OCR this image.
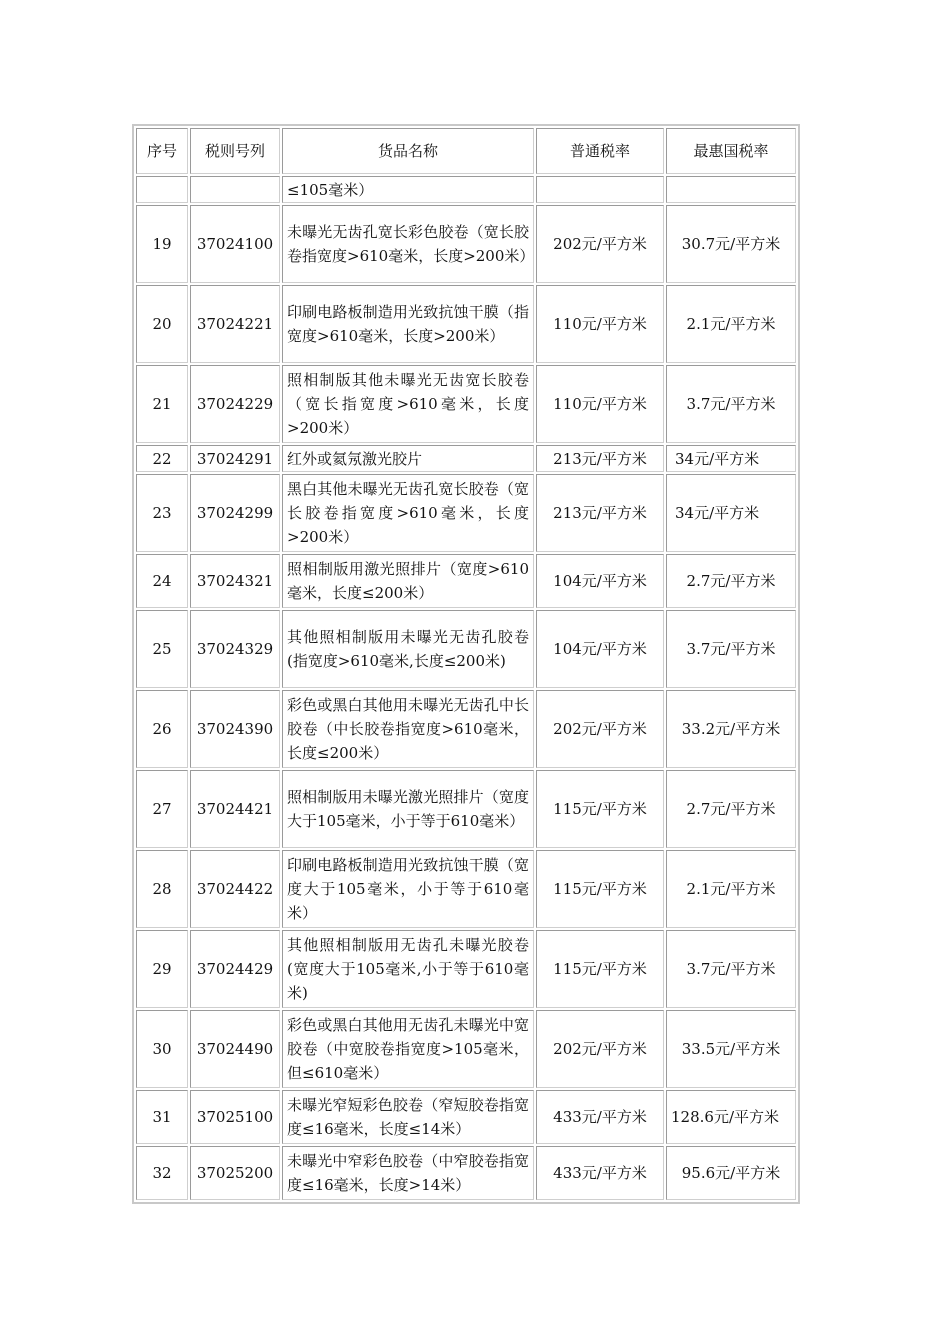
序号	税则号列	货品名称	普通税率	最惠国税率
		≤105毫米）		
19	37024100	未曝光无齿孔宽长彩色胶卷（宽长胶卷指宽度>610毫米，长度>200米）	202元/平方米	30.7元/平方米
20	37024221	印刷电路板制造用光致抗蚀干膜（指宽度>610毫米，长度>200米）	110元/平方米	2.1元/平方米
21	37024229	照相制版其他未曝光无齿宽长胶卷（宽长指宽度>610毫米，长度>200米）	110元/平方米	3.7元/平方米
22	37024291	红外或氦氖激光胶片	213元/平方米	34元/平方米
23	37024299	黑白其他未曝光无齿孔宽长胶卷（宽长胶卷指宽度>610毫米，长度>200米）	213元/平方米	34元/平方米
24	37024321	照相制版用激光照排片（宽度>610毫米，长度≤200米）	104元/平方米	2.7元/平方米
25	37024329	其他照相制版用未曝光无齿孔胶卷(指宽度>610毫米,长度≤200米)	104元/平方米	3.7元/平方米
26	37024390	彩色或黑白其他用未曝光无齿孔中长胶卷（中长胶卷指宽度>610毫米，长度≤200米）	202元/平方米	33.2元/平方米
27	37024421	照相制版用未曝光激光照排片（宽度大于105毫米，小于等于610毫米）	115元/平方米	2.7元/平方米
28	37024422	印刷电路板制造用光致抗蚀干膜（宽度大于105毫米，小于等于610毫米）	115元/平方米	2.1元/平方米
29	37024429	其他照相制版用无齿孔未曝光胶卷(宽度大于105毫米,小于等于610毫米)	115元/平方米	3.7元/平方米
30	37024490	彩色或黑白其他用无齿孔未曝光中宽胶卷（中宽胶卷指宽度>105毫米，但≤610毫米）	202元/平方米	33.5元/平方米
31	37025100	未曝光窄短彩色胶卷（窄短胶卷指宽度≤16毫米，长度≤14米）	433元/平方米	128.6元/平方米
32	37025200	未曝光中窄彩色胶卷（中窄胶卷指宽度≤16毫米，长度>14米）	433元/平方米	95.6元/平方米
